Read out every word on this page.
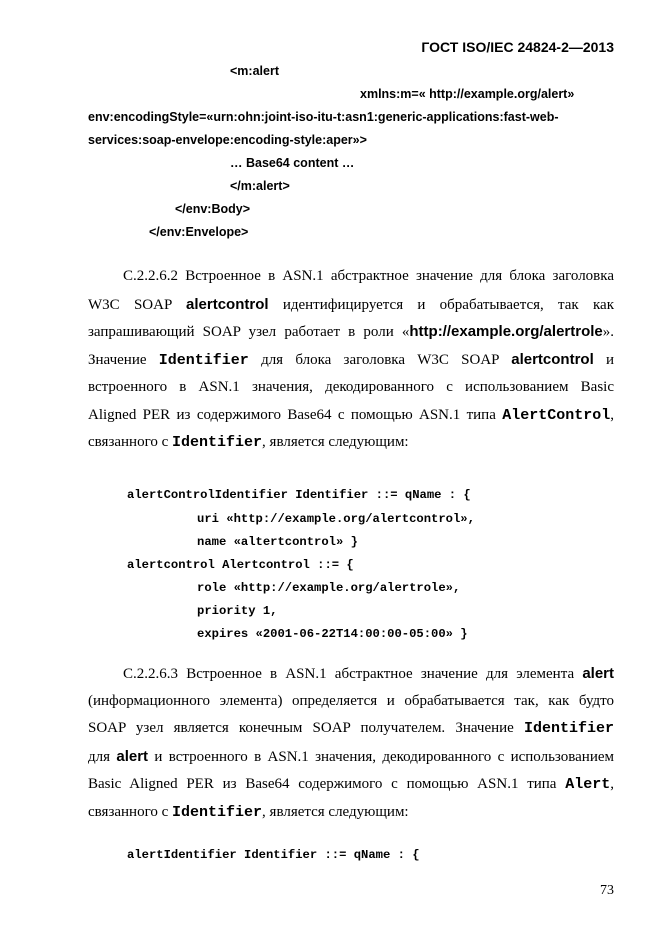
ГОСТ ISO/IEC 24824-2—2013
<m:alert
xmlns:m=« http://example.org/alert»
env:encodingStyle=«urn:ohn:joint-iso-itu-t:asn1:generic-applications:fast-web-
services:soap-envelope:encoding-style:aper»>
… Base64 content …
</m:alert>
</env:Body>
</env:Envelope>
С.2.2.6.2 Встроенное в ASN.1 абстрактное значение для блока заголовка
W3C SOAP alertcontrol идентифицируется и обрабатывается, так как
запрашивающий SOAP узел работает в роли «http://example.org/alertrole».
Значение Identifier для блока заголовка W3C SOAP alertcontrol и
встроенного в ASN.1 значения, декодированного с использованием Basic
Aligned PER из содержимого Base64 с помощью ASN.1 типа AlertControl,
связанного с Identifier, является следующим:
alertControlIdentifier Identifier ::= qName : {
uri «http://example.org/alertcontrol»,
name «altertcontrol» }
alertcontrol Alertcontrol ::= {
role «http://example.org/alertrole»,
priority 1,
expires «2001-06-22T14:00:00-05:00» }
С.2.2.6.3 Встроенное в ASN.1 абстрактное значение для элемента alert
(информационного элемента) определяется и обрабатывается так, как будто
SOAP узел является конечным SOAP получателем. Значение Identifier
для alert и встроенного в ASN.1 значения, декодированного с использованием
Basic Aligned PER из Base64 содержимого с помощью ASN.1 типа Alert,
связанного с Identifier, является следующим:
alertIdentifier Identifier ::= qName : {
73
